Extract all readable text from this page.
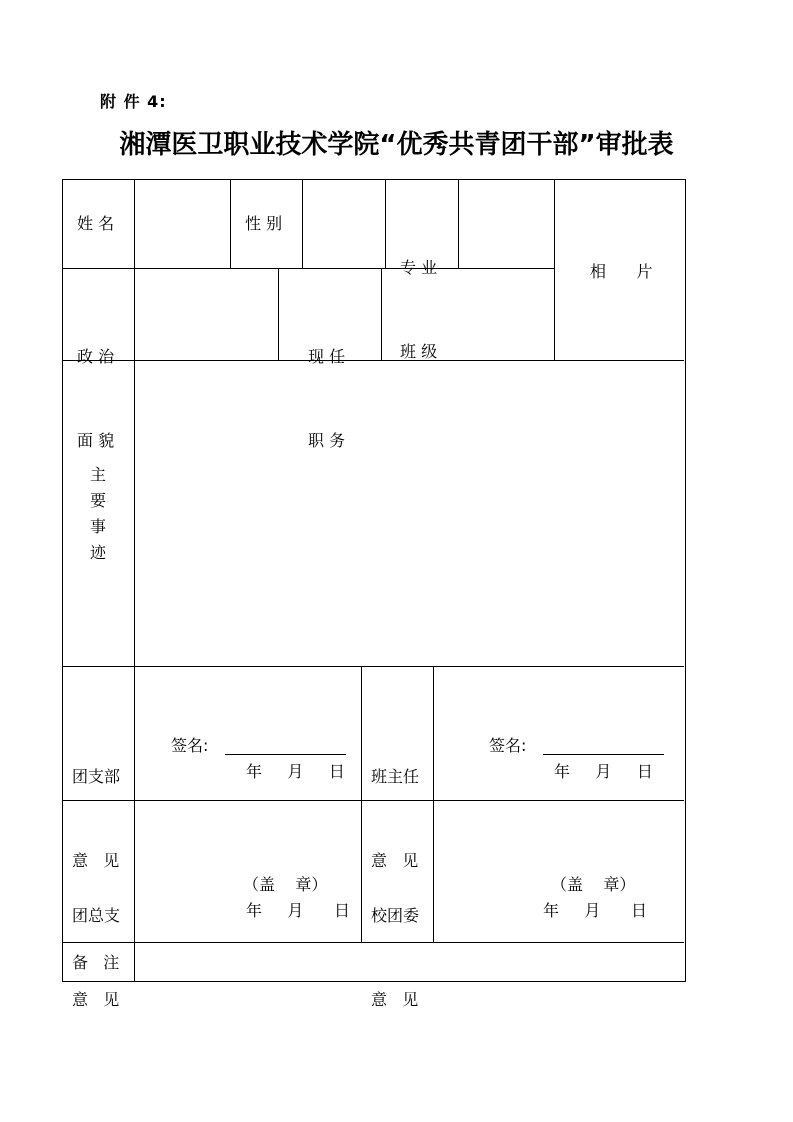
附 件 4:
湘潭医卫职业技术学院“优秀共青团干部”审批表
姓 名	性 别

专 业

班 级

相      片

政 治

面 貌

现 任

职 务

主
要
事
迹

团支部

意   见

签名:
年     月     日

班主任

意   见

签名:
年     月     日

团总支

意   见

（盖    章）
年     月      日

校团委

意   见

（盖    章）
年     月      日
备   注
